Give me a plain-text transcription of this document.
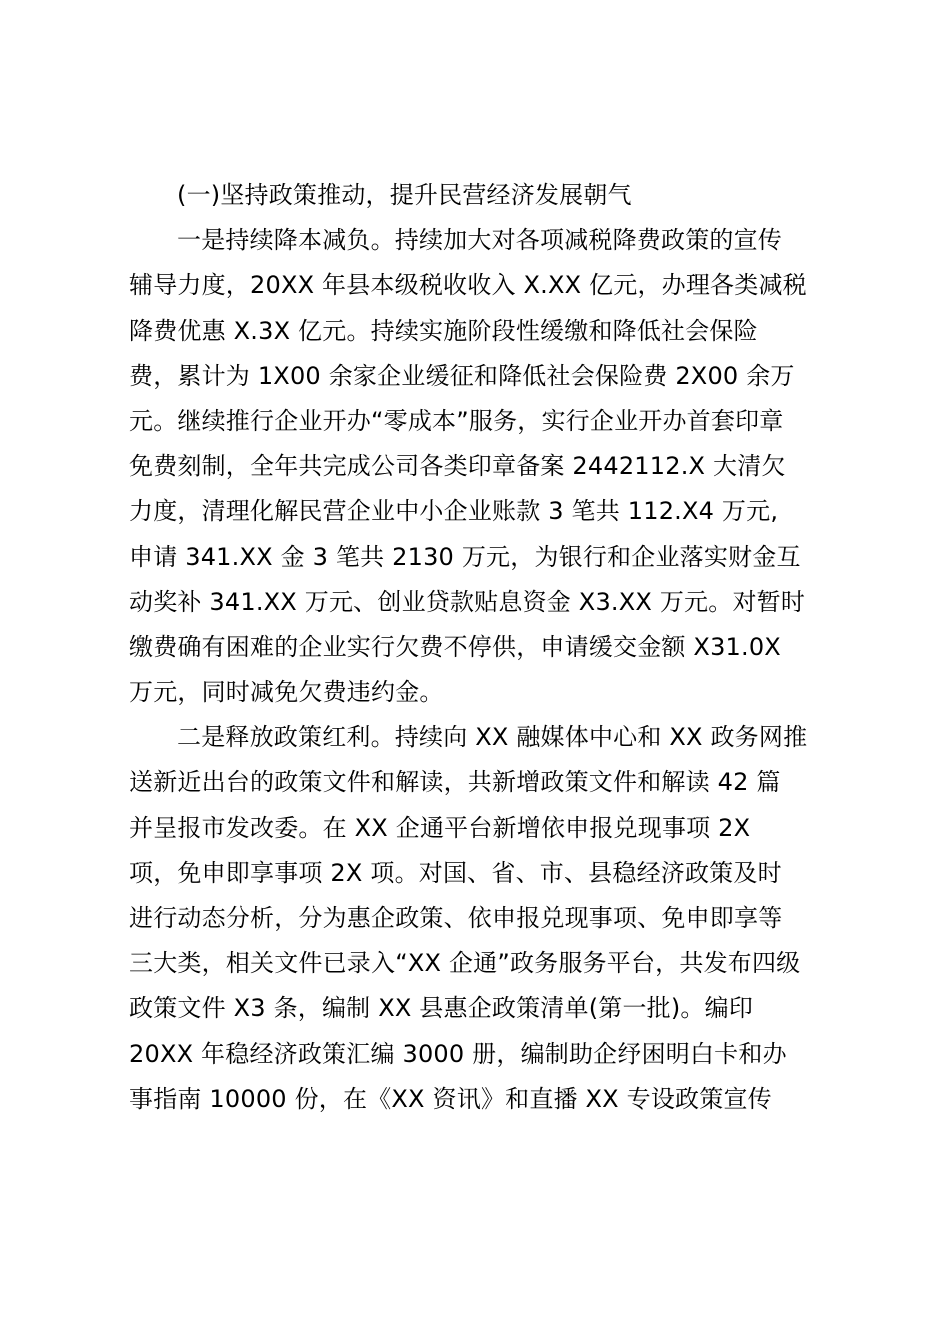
(一)坚持政策推动，提升民营经济发展朝气
一是持续降本减负。持续加大对各项减税降费政策的宣传
辅导力度，20XX 年县本级税收收入 X.XX 亿元，办理各类减税
降费优惠 X.3X 亿元。持续实施阶段性缓缴和降低社会保险
费，累计为 1X00 余家企业缓征和降低社会保险费 2X00 余万
元。继续推行企业开办“零成本”服务，实行企业开办首套印章
免费刻制，全年共完成公司各类印章备案 2442112.X 大清欠
力度，清理化解民营企业中小企业账款 3 笔共 112.X4 万元,
申请 341.XX 金 3 笔共 2130 万元，为银行和企业落实财金互
动奖补 341.XX 万元、创业贷款贴息资金 X3.XX 万元。对暂时
缴费确有困难的企业实行欠费不停供，申请缓交金额 X31.0X
万元，同时减免欠费违约金。
二是释放政策红利。持续向 XX 融媒体中心和 XX 政务网推
送新近出台的政策文件和解读，共新增政策文件和解读 42 篇
并呈报市发改委。在 XX 企通平台新增依申报兑现事项 2X
项，免申即享事项 2X 项。对国、省、市、县稳经济政策及时
进行动态分析，分为惠企政策、依申报兑现事项、免申即享等
三大类，相关文件已录入“XX 企通”政务服务平台，共发布四级
政策文件 X3 条，编制 XX 县惠企政策清单(第一批)。编印
20XX 年稳经济政策汇编 3000 册，编制助企纾困明白卡和办
事指南 10000 份，在《XX 资讯》和直播 XX 专设政策宣传
